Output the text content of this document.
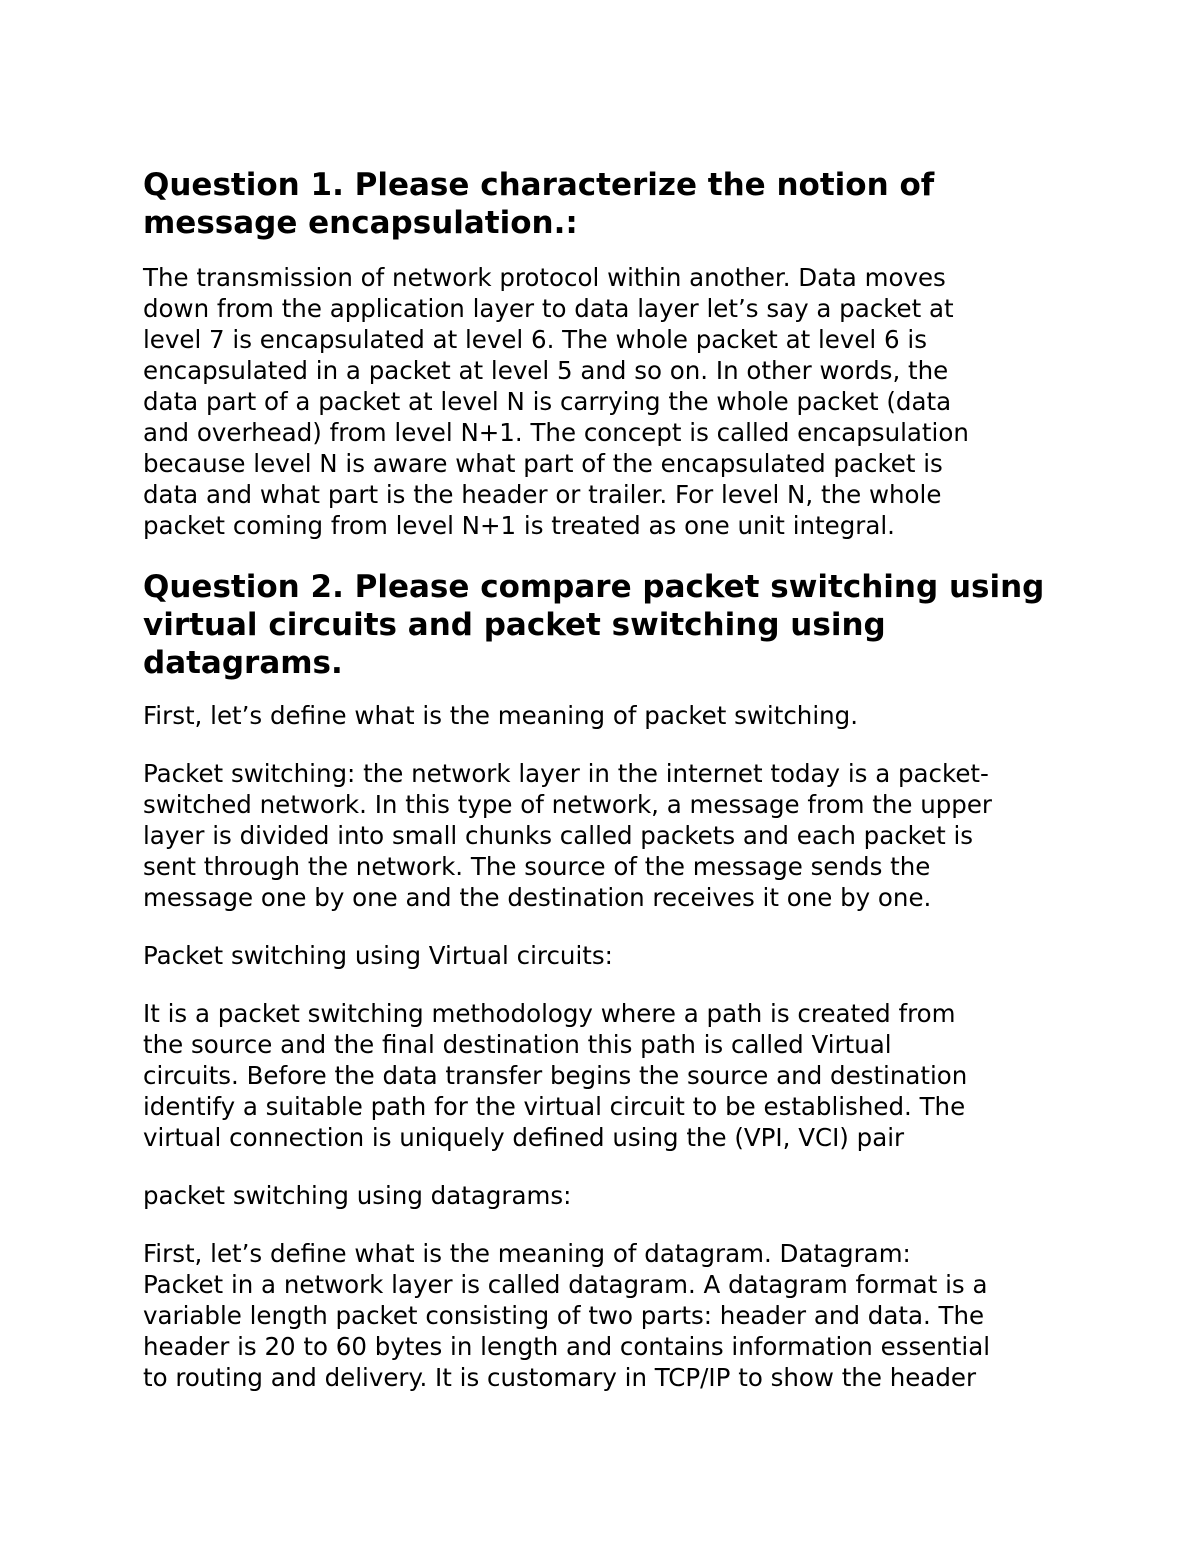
Question 1. Please characterize the notion of
message encapsulation.:

The transmission of network protocol within another. Data moves
down from the application layer to data layer let’s say a packet at
level 7 is encapsulated at level 6. The whole packet at level 6 is
encapsulated in a packet at level 5 and so on. In other words, the
data part of a packet at level N is carrying the whole packet (data
and overhead) from level N+1. The concept is called encapsulation
because level N is aware what part of the encapsulated packet is
data and what part is the header or trailer. For level N, the whole
packet coming from level N+1 is treated as one unit integral.

Question 2. Please compare packet switching using
virtual circuits and packet switching using
datagrams.

First, let’s define what is the meaning of packet switching.

Packet switching: the network layer in the internet today is a packet-
switched network. In this type of network, a message from the upper
layer is divided into small chunks called packets and each packet is
sent through the network. The source of the message sends the
message one by one and the destination receives it one by one.

Packet switching using Virtual circuits:

It is a packet switching methodology where a path is created from
the source and the final destination this path is called Virtual
circuits. Before the data transfer begins the source and destination
identify a suitable path for the virtual circuit to be established. The
virtual connection is uniquely defined using the (VPI, VCI) pair

packet switching using datagrams:

First, let’s define what is the meaning of datagram. Datagram:
Packet in a network layer is called datagram. A datagram format is a
variable length packet consisting of two parts: header and data. The
header is 20 to 60 bytes in length and contains information essential
to routing and delivery. It is customary in TCP/IP to show the header
